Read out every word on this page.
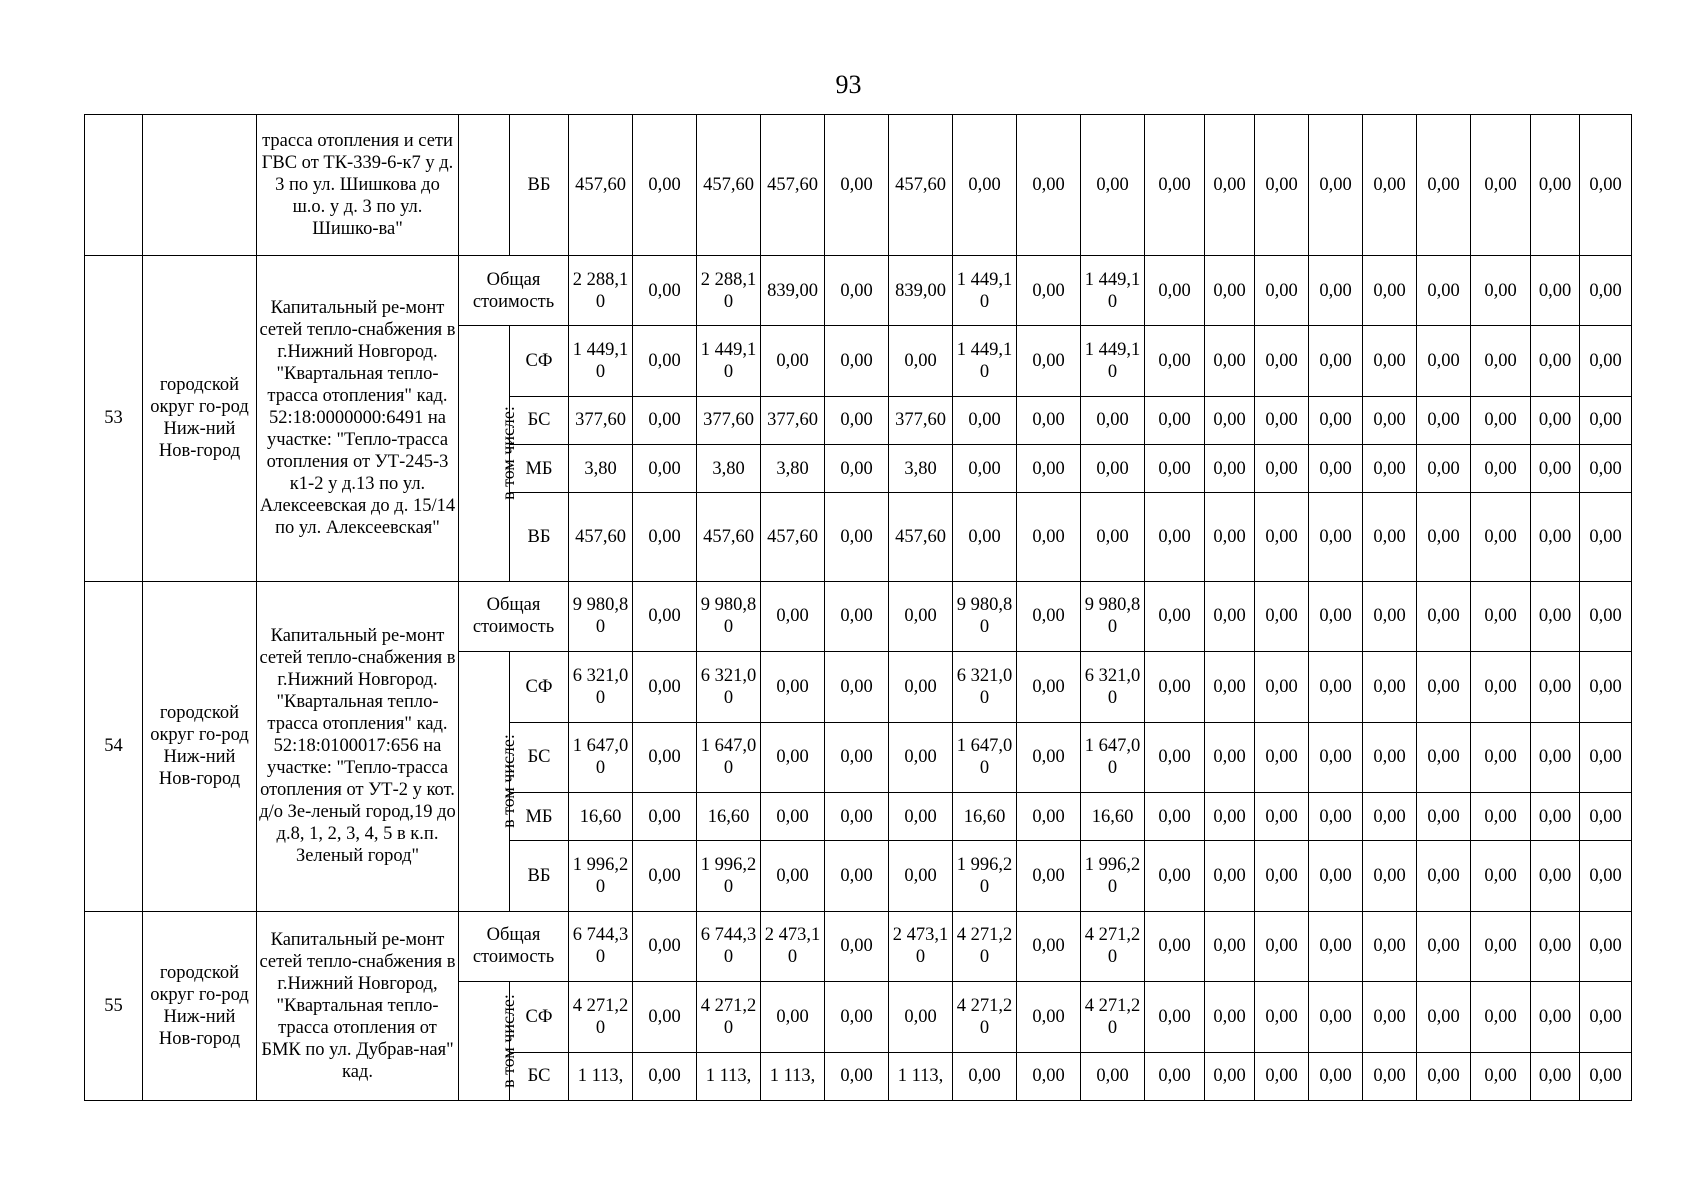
93
		трасса отопления и сети ГВС от ТК-339-6-к7 у д. 3 по ул. Шишкова до ш.о. у д. 3 по ул. Шишко-ва"		ВБ	457,60	0,00	457,60	457,60	0,00	457,60	0,00	0,00	0,00	0,00	0,00	0,00	0,00	0,00	0,00	0,00	0,00	0,00
53	городской округ го-род Ниж-ний Нов-город	Капитальный ре-монт сетей тепло-снабжения в г.Нижний Новгород. "Квартальная тепло-трасса отопления" кад. 52:18:0000000:6491 на участке: "Тепло-трасса отопления от УТ-245-3 к1-2 у д.13 по ул. Алексеевская до д. 15/14 по ул. Алексеевская"	Общая стоимость		2 288,10	0,00	2 288,10	839,00	0,00	839,00	1 449,10	0,00	1 449,10	0,00	0,00	0,00	0,00	0,00	0,00	0,00	0,00	0,00
			в том числе:	СФ	1 449,10	0,00	1 449,10	0,00	0,00	0,00	1 449,10	0,00	1 449,10	0,00	0,00	0,00	0,00	0,00	0,00	0,00	0,00	0,00
				БС	377,60	0,00	377,60	377,60	0,00	377,60	0,00	0,00	0,00	0,00	0,00	0,00	0,00	0,00	0,00	0,00	0,00	0,00
				МБ	3,80	0,00	3,80	3,80	0,00	3,80	0,00	0,00	0,00	0,00	0,00	0,00	0,00	0,00	0,00	0,00	0,00	0,00
				ВБ	457,60	0,00	457,60	457,60	0,00	457,60	0,00	0,00	0,00	0,00	0,00	0,00	0,00	0,00	0,00	0,00	0,00	0,00
54	городской округ го-род Ниж-ний Нов-город	Капитальный ре-монт сетей тепло-снабжения в г.Нижний Новгород. "Квартальная тепло-трасса отопления" кад. 52:18:0100017:656 на участке: "Тепло-трасса отопления от УТ-2 у кот. д/о Зе-леный город,19 до д.8, 1, 2, 3, 4, 5 в к.п. Зеленый город"	Общая стоимость		9 980,80	0,00	9 980,80	0,00	0,00	0,00	9 980,80	0,00	9 980,80	0,00	0,00	0,00	0,00	0,00	0,00	0,00	0,00	0,00
			в том числе:	СФ	6 321,00	0,00	6 321,00	0,00	0,00	0,00	6 321,00	0,00	6 321,00	0,00	0,00	0,00	0,00	0,00	0,00	0,00	0,00	0,00
				БС	1 647,00	0,00	1 647,00	0,00	0,00	0,00	1 647,00	0,00	1 647,00	0,00	0,00	0,00	0,00	0,00	0,00	0,00	0,00	0,00
				МБ	16,60	0,00	16,60	0,00	0,00	0,00	16,60	0,00	16,60	0,00	0,00	0,00	0,00	0,00	0,00	0,00	0,00	0,00
				ВБ	1 996,20	0,00	1 996,20	0,00	0,00	0,00	1 996,20	0,00	1 996,20	0,00	0,00	0,00	0,00	0,00	0,00	0,00	0,00	0,00
55	городской округ го-род Ниж-ний Нов-город	Капитальный ре-монт сетей тепло-снабжения в г.Нижний Новгород, "Квартальная тепло-трасса отопления от БМК по ул. Дубрав-ная" кад.	Общая стоимость		6 744,30	0,00	6 744,30	2 473,10	0,00	2 473,10	4 271,20	0,00	4 271,20	0,00	0,00	0,00	0,00	0,00	0,00	0,00	0,00	0,00
			в том числе:	СФ	4 271,20	0,00	4 271,20	0,00	0,00	0,00	4 271,20	0,00	4 271,20	0,00	0,00	0,00	0,00	0,00	0,00	0,00	0,00	0,00
				БС	1 113,	0,00	1 113,	1 113,	0,00	1 113,	0,00	0,00	0,00	0,00	0,00	0,00	0,00	0,00	0,00	0,00	0,00	0,00
